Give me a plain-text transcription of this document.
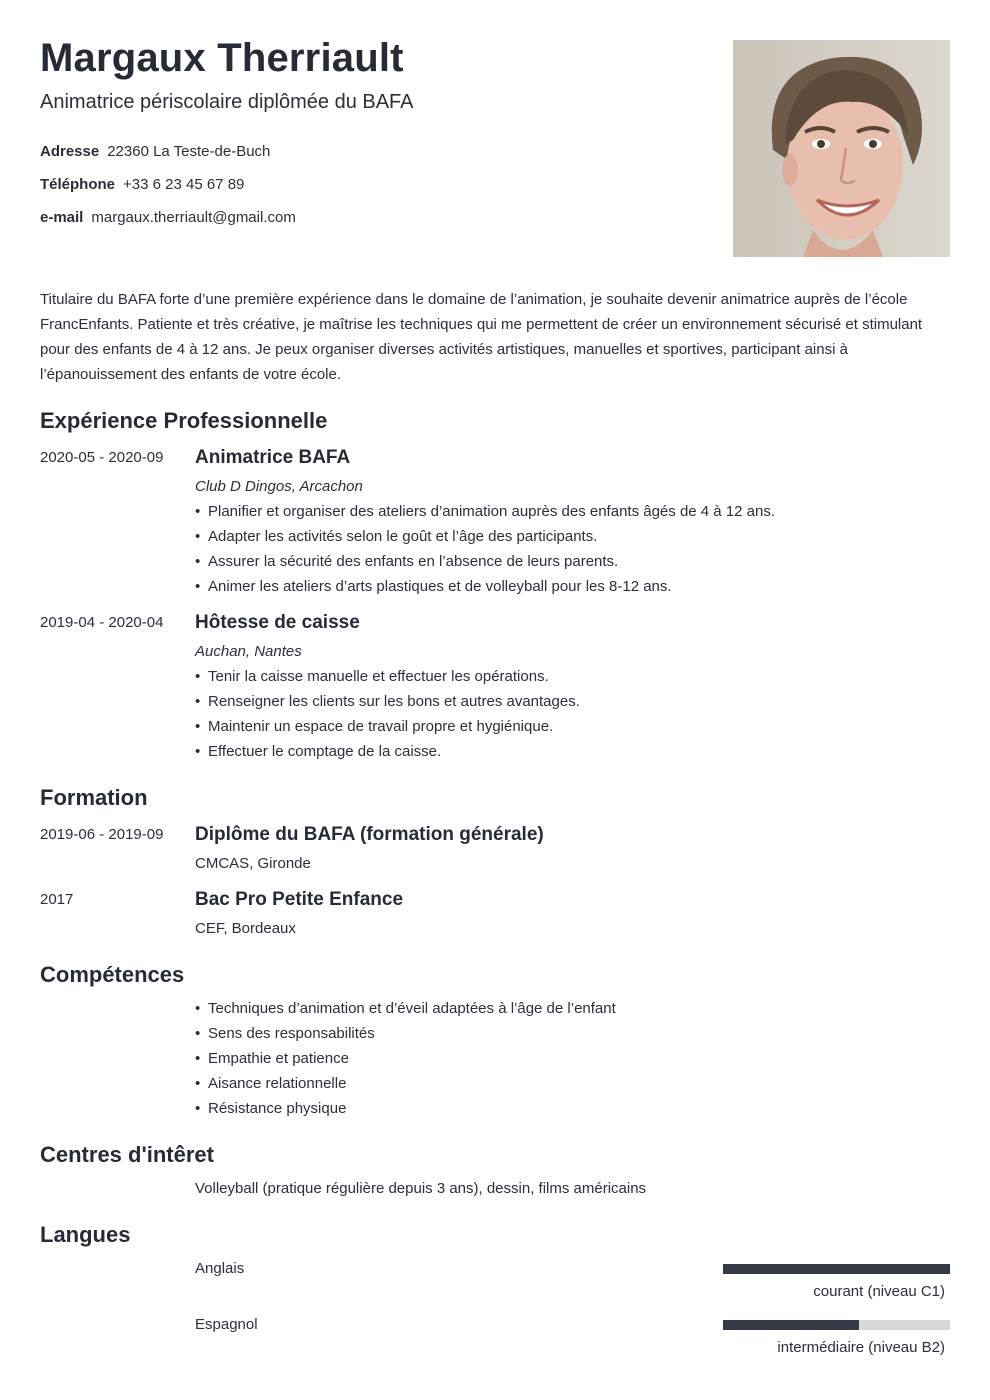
Margaux Therriault
Animatrice périscolaire diplômée du BAFA
Adresse 22360 La Teste-de-Buch
Téléphone +33 6 23 45 67 89
e-mail margaux.therriault@gmail.com
Titulaire du BAFA forte d’une première expérience dans le domaine de l’animation, je souhaite devenir animatrice auprès de l’école FrancEnfants. Patiente et très créative, je maîtrise les techniques qui me permettent de créer un environnement sécurisé et stimulant pour des enfants de 4 à 12 ans. Je peux organiser diverses activités artistiques, manuelles et sportives, participant ainsi à l’épanouissement des enfants de votre école.
Expérience Professionnelle
2020-05 - 2020-09 Animatrice BAFA
Club D Dingos, Arcachon
• Planifier et organiser des ateliers d’animation auprès des enfants âgés de 4 à 12 ans.
• Adapter les activités selon le goût et l’âge des participants.
• Assurer la sécurité des enfants en l’absence de leurs parents.
• Animer les ateliers d’arts plastiques et de volleyball pour les 8-12 ans.
2019-04 - 2020-04 Hôtesse de caisse
Auchan, Nantes
• Tenir la caisse manuelle et effectuer les opérations.
• Renseigner les clients sur les bons et autres avantages.
• Maintenir un espace de travail propre et hygiénique.
• Effectuer le comptage de la caisse.
Formation
2019-06 - 2019-09 Diplôme du BAFA (formation générale)
CMCAS, Gironde
2017	Bac Pro Petite Enfance
CEF, Bordeaux
Compétences
• Techniques d’animation et d’éveil adaptées à l’âge de l’enfant
• Sens des responsabilités
• Empathie et patience
• Aisance relationnelle
• Résistance physique
Centres d'intêret
Volleyball (pratique régulière depuis 3 ans), dessin, films américains
Langues
Anglais
courant (niveau C1)
Espagnol
intermédiaire (niveau B2)
